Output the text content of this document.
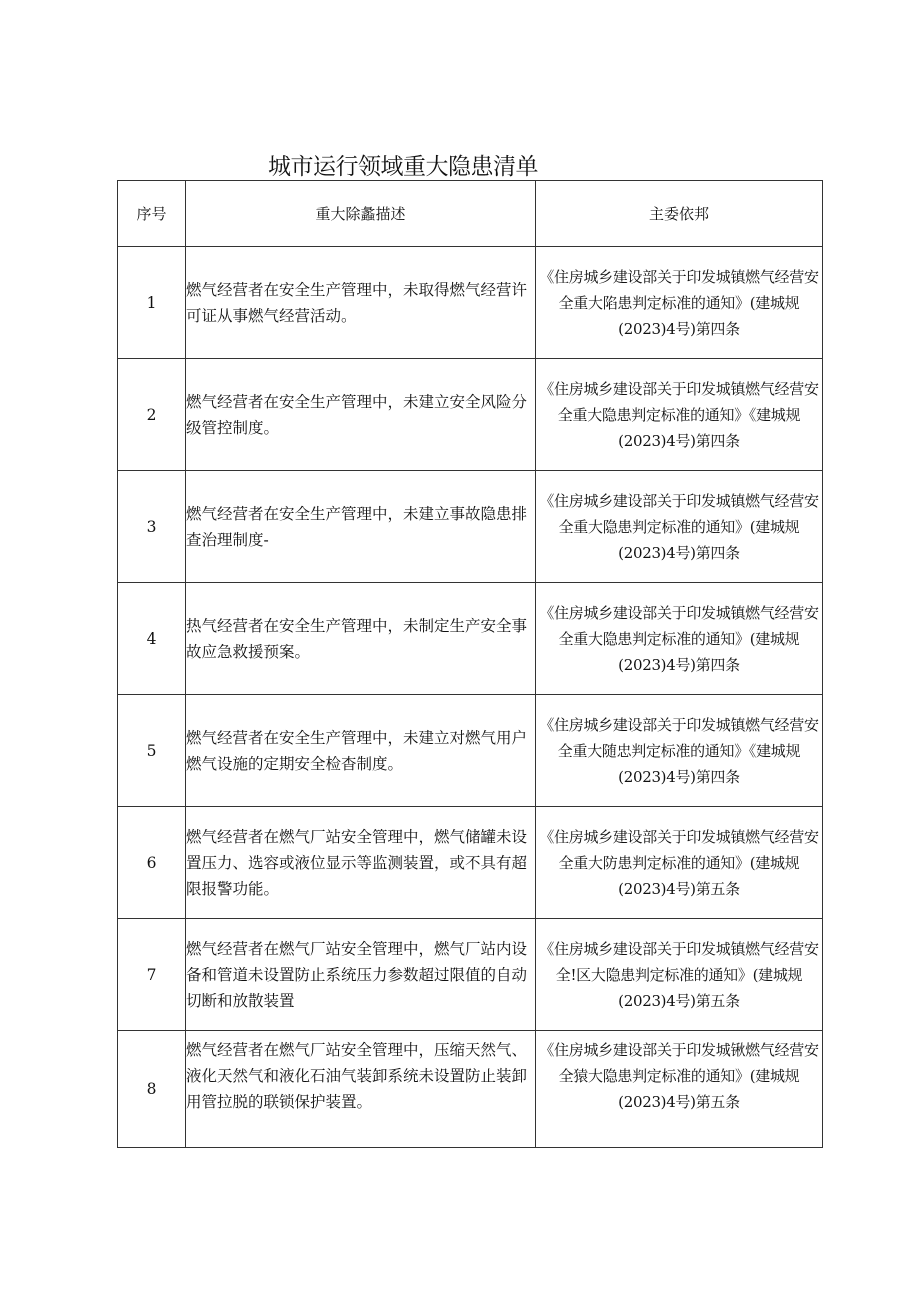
城市运行领域重大隐患清单
序号	重大除蠡描述	主委依邦
1	燃气经营者在安全生产管理中，未取得燃气经营许可证从事燃气经营活动。	《住房城乡建设部关于印发城镇燃气经营安全重大陷患判定标准的通知》(建城规(2023)4号)第四条

2	燃气经营者在安全生产管理中，未建立安全风险分级管控制度。	《住房城乡建设部关于印发城镇燃气经营安全重大隐患判定标准的通知》《建城规(2023)4号)第四条

3	燃气经营者在安全生产管理中，未建立事故隐患排查治理制度-	《住房城乡建设部关于印发城镇燃气经营安全重大隐患判定标准的通知》(建城规(2023)4号)第四条

4	热气经营者在安全生产管理中，未制定生产安全事故应急救援预案。	《住房城乡建设部关于印发城镇燃气经营安全重大隐患判定标准的通知》(建城规(2023)4号)第四条

5	燃气经营者在安全生产管理中，未建立对燃气用户燃气设施的定期安全检杳制度。	《住房城乡建设部关于印发城镇燃气经营安全重大随忠判定标准的通知》《建城规(2023)4号)第四条

6	燃气经营者在燃气厂站安全管理中，燃气储罐未设置压力、选容或液位显示等监测装置，或不具有超限报警功能。	《住房城乡建设部关于印发城镇燃气经营安全重大防患判定标准的通知》(建城规(2023)4号)第五条

7	燃气经营者在燃气厂站安全管理中，燃气厂站内设备和管道未设置防止系统压力参数超过限值的自动切断和放散装置	《住房城乡建设部关于印发城镇燃气经营安全!区大隐患判定标准的通知》(建城规(2023)4号)第五条

8	燃气经营者在燃气厂站安全管理中，压缩天然气、液化天然气和液化石油气装卸系统未设置防止装卸用管拉脱的联锁保护装置。	《住房城乡建设部关于印发城锹燃气经营安全猿大隐患判定标准的通知》(建城规(2023)4号)第五条
